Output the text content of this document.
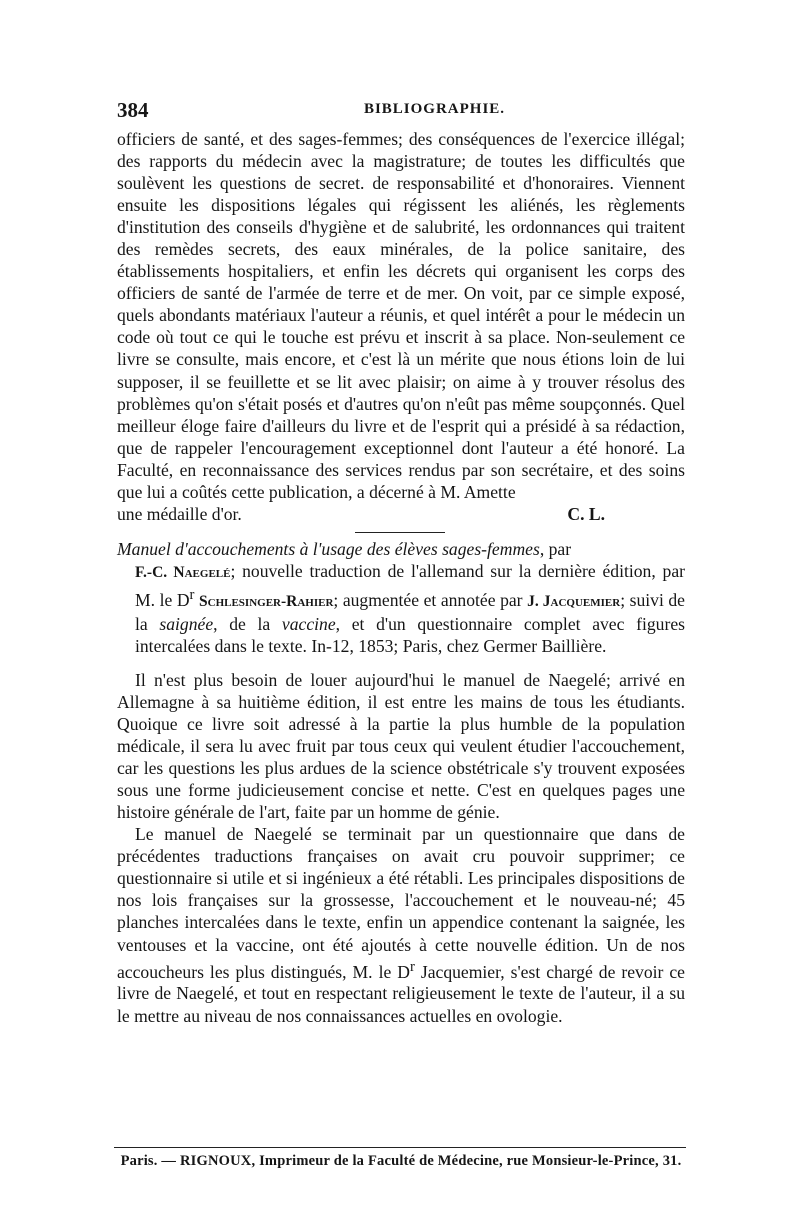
384	BIBLIOGRAPHIE.

officiers de santé, et des sages-femmes; des conséquences de l'exercice illégal; des rapports du médecin avec la magistrature; de toutes les difficultés que soulèvent les questions de secret. de responsabilité et d'honoraires. Viennent ensuite les dispositions légales qui régissent les aliénés, les règlements d'institution des conseils d'hygiène et de salubrité, les ordonnances qui traitent des remèdes secrets, des eaux minérales, de la police sanitaire, des établissements hospitaliers, et enfin les décrets qui organisent les corps des officiers de santé de l'armée de terre et de mer. On voit, par ce simple exposé, quels abondants matériaux l'auteur a réunis, et quel intérêt a pour le médecin un code où tout ce qui le touche est prévu et inscrit à sa place. Non-seulement ce livre se consulte, mais encore, et c'est là un mérite que nous étions loin de lui supposer, il se feuillette et se lit avec plaisir; on aime à y trouver résolus des problèmes qu'on s'était posés et d'autres qu'on n'eût pas même soupçonnés. Quel meilleur éloge faire d'ailleurs du livre et de l'esprit qui a présidé à sa rédaction, que de rappeler l'encouragement exceptionnel dont l'auteur a été honoré. La Faculté, en reconnaissance des services rendus par son secrétaire, et des soins que lui a coûtés cette publication, a décerné à M. Amette

une médaille d'or.	C. L.

Manuel d'accouchements à l'usage des élèves sages-femmes, par
F.-C. Naegelé; nouvelle traduction de l'allemand sur la dernière édition, par M. le $D^r$ Schlesinger-Rahier; augmentée et annotée par J. Jacquemier; suivi de la saignée, de la vaccine, et d'un questionnaire complet avec figures intercalées dans le texte. In-12, 1853; Paris, chez Germer Baillière.

Il n'est plus besoin de louer aujourd'hui le manuel de Naegelé; arrivé en Allemagne à sa huitième édition, il est entre les mains de tous les étudiants. Quoique ce livre soit adressé à la partie la plus humble de la population médicale, il sera lu avec fruit par tous ceux qui veulent étudier l'accouchement, car les questions les plus ardues de la science obstétricale s'y trouvent exposées sous une forme judicieusement concise et nette. C'est en quelques pages une histoire générale de l'art, faite par un homme de génie.

Le manuel de Naegelé se terminait par un questionnaire que dans de précédentes traductions françaises on avait cru pouvoir supprimer; ce questionnaire si utile et si ingénieux a été rétabli. Les principales dispositions de nos lois françaises sur la grossesse, l'accouchement et le nouveau-né; 45 planches intercalées dans le texte, enfin un appendice contenant la saignée, les ventouses et la vaccine, ont été ajoutés à cette nouvelle édition. Un de nos accoucheurs les plus distingués, M. le $D^r$ Jacquemier, s'est chargé de revoir ce livre de Naegelé, et tout en respectant religieusement le texte de l'auteur, il a su le mettre au niveau de nos connaissances actuelles en ovologie.

Paris. — RIGNOUX, Imprimeur de la Faculté de Médecine, rue Monsieur-le-Prince, 31.
